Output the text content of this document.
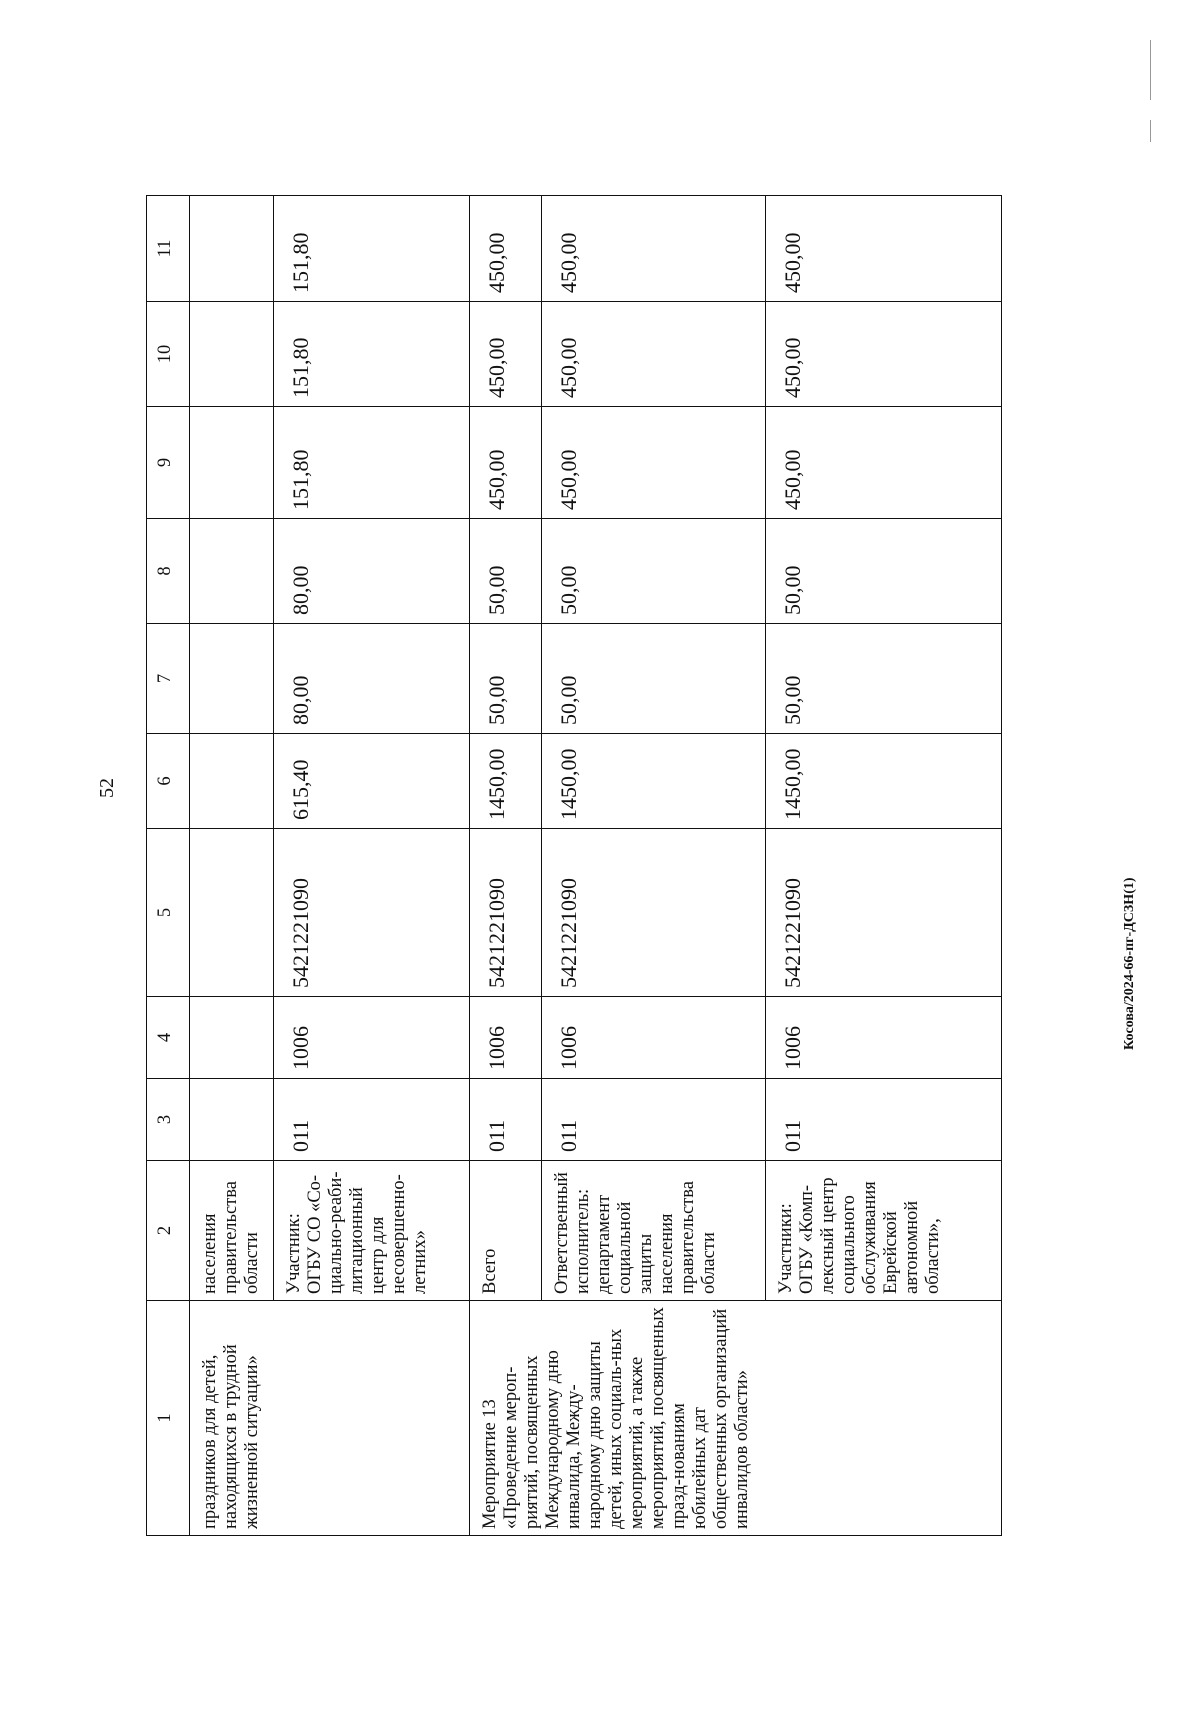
52
Косова/2024-66-пг-ДСЗН(1)
1	2	3	4	5	6	7	8	9	10	11
праздников для детей, находящихся в трудной жизненной ситуации»	населения правительства области									
	Участник: ОГБУ СО «Со-циально-реаби-литационный центр для несовершенно-летних»	011	1006	5421221090	615,40	80,00	80,00	151,80	151,80	151,80
Мероприятие 13 «Проведение мероп-риятий, посвященных Международному дню инвалида, Между-народному дню защиты детей, иных социаль-ных мероприятий, а также мероприятий, посвященных празд-нованиям юбилейных дат общественных организаций инвалидов области»	Всего	011	1006	5421221090	1450,00	50,00	50,00	450,00	450,00	450,00
	Ответственный исполнитель: департамент социальной защиты населения правительства области	011	1006	5421221090	1450,00	50,00	50,00	450,00	450,00	450,00
	Участники: ОГБУ «Комп-лексный центр социального обслуживания Еврейской автономной области»,	011	1006	5421221090	1450,00	50,00	50,00	450,00	450,00	450,00
